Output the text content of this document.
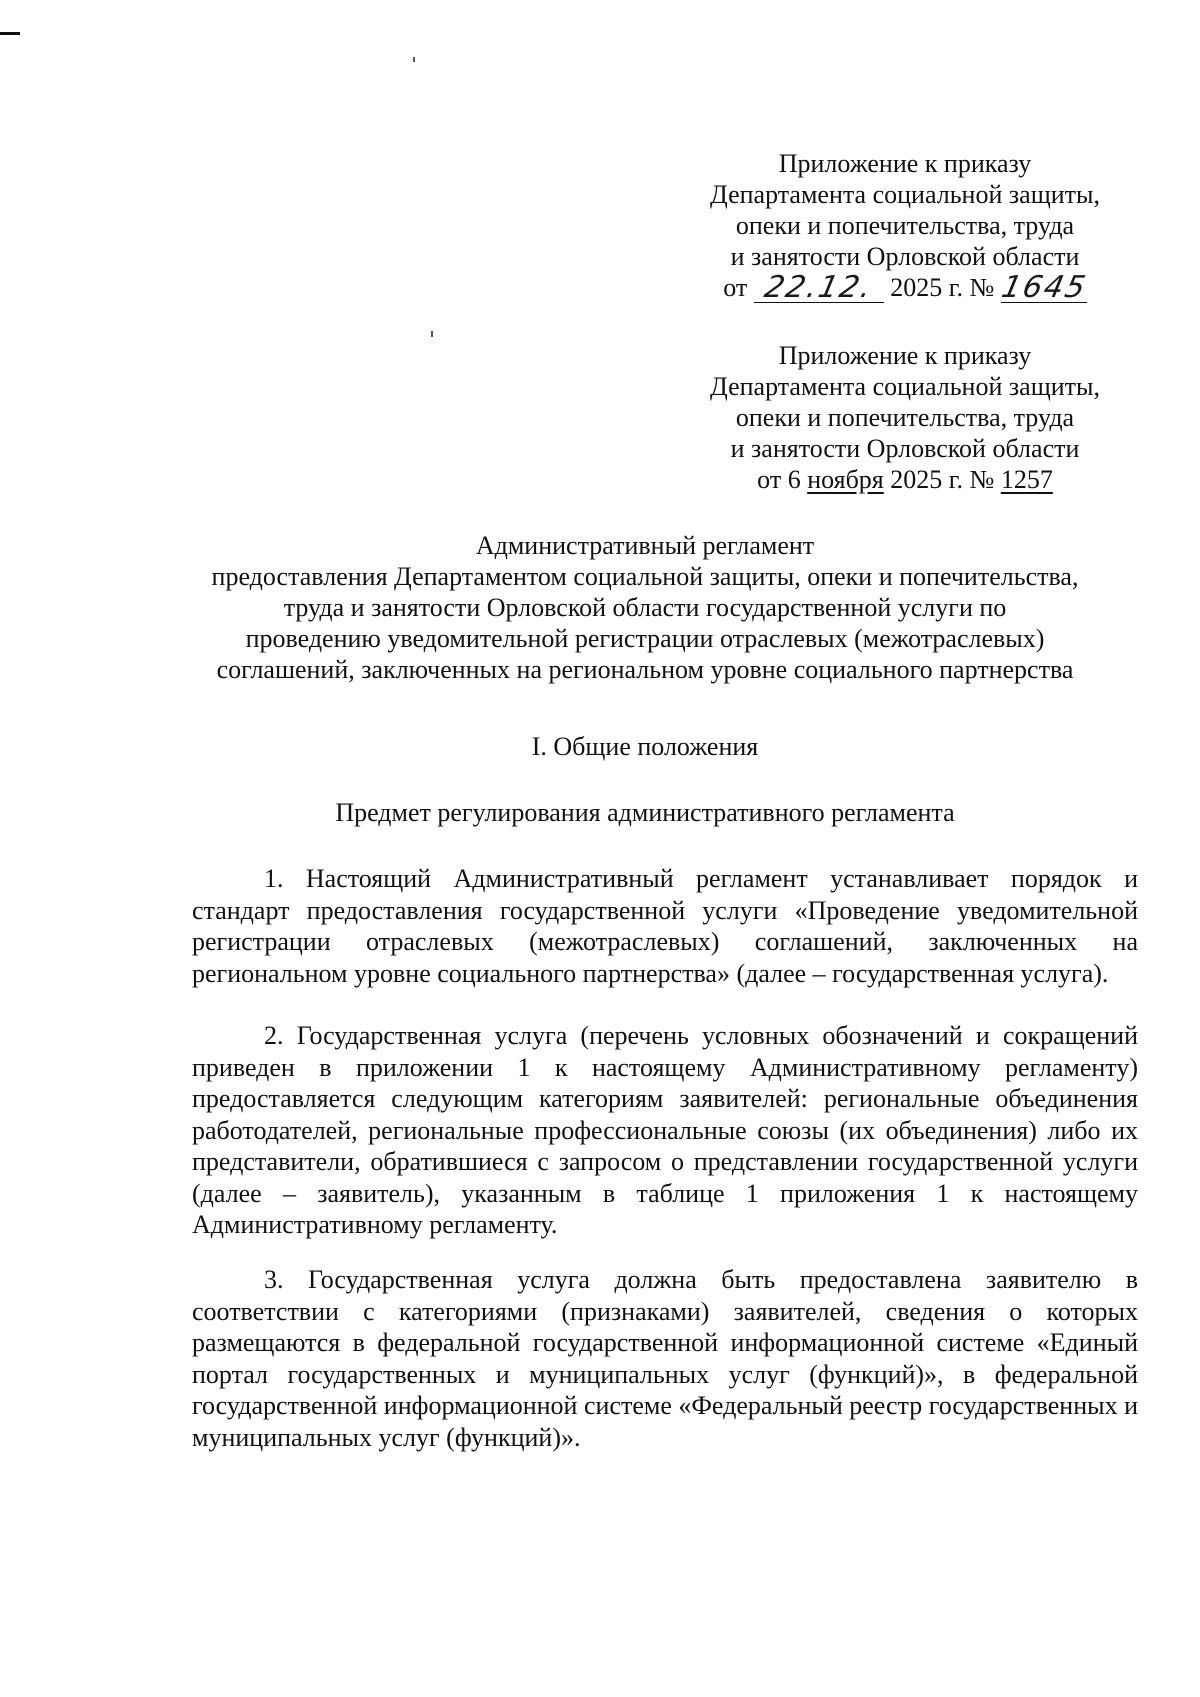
Приложение к приказу
Департамента социальной защиты,
опеки и попечительства, труда
и занятости Орловской области
от 22.12. 2025 г. № 1645
Приложение к приказу
Департамента социальной защиты,
опеки и попечительства, труда
и занятости Орловской области
от 6 ноября 2025 г. № 1257
Административный регламент
предоставления Департаментом социальной защиты, опеки и попечительства,
труда и занятости Орловской области государственной услуги по
проведению уведомительной регистрации отраслевых (межотраслевых)
соглашений, заключенных на региональном уровне социального партнерства
I. Общие положения
Предмет регулирования административного регламента

1. Настоящий Административный регламент устанавливает порядок и стандарт предоставления государственной услуги «Проведение уведомительной регистрации отраслевых (межотраслевых) соглашений, заключенных на региональном уровне социального партнерства» (далее – государственная услуга).

2. Государственная услуга (перечень условных обозначений и сокращений приведен в приложении 1 к настоящему Административному регламенту) предоставляется следующим категориям заявителей: региональные объединения работодателей, региональные профессиональные союзы (их объединения) либо их представители, обратившиеся с запросом о представлении государственной услуги (далее – заявитель), указанным в таблице 1 приложения 1 к настоящему Административному регламенту.

3. Государственная услуга должна быть предоставлена заявителю в соответствии с категориями (признаками) заявителей, сведения о которых размещаются в федеральной государственной информационной системе «Единый портал государственных и муниципальных услуг (функций)», в федеральной государственной информационной системе «Федеральный реестр государственных и муниципальных услуг (функций)».
